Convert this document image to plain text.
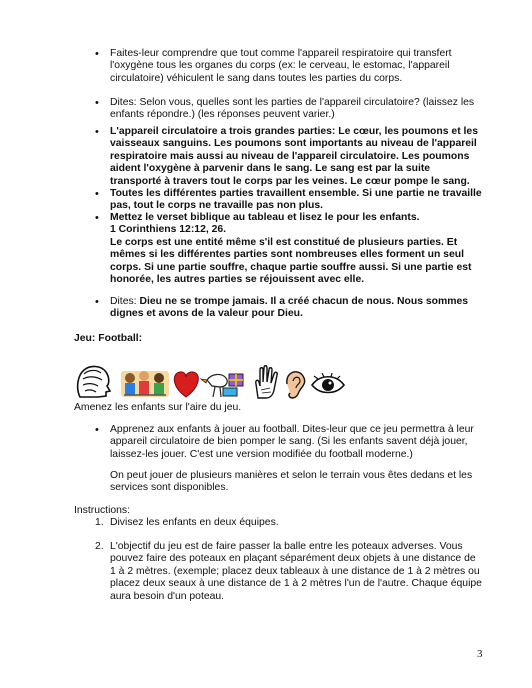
•	Faites-leur comprendre que tout comme l'appareil respiratoire qui transfert
l'oxygène tous les organes du corps (ex: le cerveau, le estomac, l'appareil
circulatoire) véhiculent le sang dans toutes les parties du corps.
•	Dites: Selon vous, quelles sont les parties de l'appareil circulatoire? (laissez les
enfants répondre.) (les réponses peuvent varier.)
•	L'appareil circulatoire a trois grandes parties: Le cœur, les poumons et les
vaisseaux sanguins. Les poumons sont importants au niveau de l'appareil
respiratoire mais aussi au niveau de l'appareil circulatoire. Les poumons
aident l'oxygène à parvenir dans le sang. Le sang est par la suite
transporté à travers tout le corps par les veines. Le cœur pompe le sang.
•	Toutes les différentes parties travaillent ensemble. Si une partie ne travaille
pas, tout le corps ne travaille pas non plus.
•	Mettez le verset biblique au tableau et lisez le pour les enfants.
1 Corinthiens 12:12, 26.
Le corps est une entité même s'il est constitué de plusieurs parties. Et
mêmes si les différentes parties sont nombreuses elles forment un seul
corps. Si une partie souffre, chaque partie souffre aussi. Si une partie est
honorée, les autres parties se réjouissent avec elle.
•	Dites: Dieu ne se trompe jamais. Il a créé chacun de nous. Nous sommes
dignes et avons de la valeur pour Dieu.
Jeu: Football:
Amenez les enfants sur l'aire du jeu.
•	Apprenez aux enfants à jouer au football. Dites-leur que ce jeu permettra à leur
appareil circulatoire de bien pomper le sang. (Si les enfants savent déjà jouer,
laissez-les jouer. C'est une version modifiée du football moderne.)
On peut jouer de plusieurs manières et selon le terrain vous êtes dedans et les
services sont disponibles.
Instructions:
1. Divisez les enfants en deux équipes.
2. L'objectif du jeu est de faire passer la balle entre les poteaux adverses. Vous
pouvez faire des poteaux en plaçant séparément deux objets à une distance de
1 à 2 mètres. (exemple; placez deux tableaux à une distance de 1 à 2 mètres ou
placez deux seaux à une distance de 1 à 2 mètres l'un de l'autre. Chaque équipe
aura besoin d'un poteau.
3
